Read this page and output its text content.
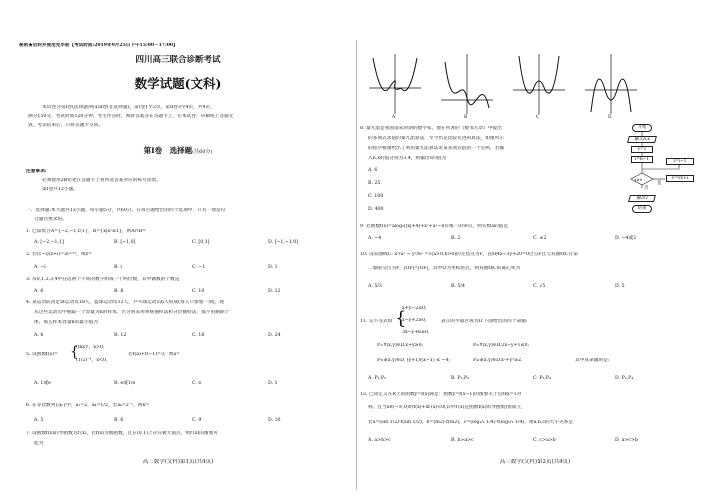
秘密★启封并使用完毕前【考试时间:2019年9月25日下午15:00－17:00】
四川高三联合诊断考试
数学试题(文科)
本试卷分第Ⅰ卷(选择题)和第Ⅱ卷(非选择题)。第Ⅰ卷1至2页，第Ⅱ卷3至4页，共4页，
满分150分，考试时间120分钟。考生作答时，须将答案答在答题卡上，在本试卷、草稿纸上答题无
效。考试结束后，只将答题卡交回。
第Ⅰ卷　选择题(共60分)
注意事项:
必须使用2B铅笔在答题卡上将所选答案对应的标号涂黑。
第Ⅰ卷共12小题。
一、选择题:本大题共12小题，每小题5分，共60分。在每小题给出的四个选项中，只有一项是符
合题目要求的。
1. 已知集合A={−2,−1,0,1}，B={x|x²≤1}，则A∩B=
A. [−2,−1,1]	B. [−1,0]	C. [0,1]	D. [−1,−1,0]
2. 若(1−i)(z+i)=2i²⁰¹⁹，则z=
A. −i	B. i	C. −1	D. 1
3. 从0,1,2,3,4中任选两个不同的数字组成一个两位数，其中偶数的个数是
A. 6	B. 8	C. 10	D. 12
4. 某运动队由足球运动员18人，篮球运动员12人，乒乓球运动员6人组成(每人只参加一项)，现
从这些运动员中抽取一个容量为n的样本，若分别采用系统抽样法和分层抽样法，都不用剔除个
体，那么样本容量n的最小值为
A. 6	B. 12	C. 18	D. 24
5. 设函数f(x)= {
(lnx)¹，x>0，
(1/2)⁻ˣ，x<0，
若f(a)+f(−1)=3，则a=
A. 1或e	B. e或1/e	C. e	D. 1
6. 在等比数列{aₙ}中，a₁=2，a₄=1/2，若aₖ=2⁻⁵，则k=
A. 5	B. 6	C. 9	D. 10
7. 设函数f(x)的导函数为f′(x)，若f(x)为偶函数，且在(0,1)上存在极大值点，则f′(x)的图象可
能为
高三数学(文科)第1页(共4页)
A	B	C	D
8. 秦九韶是我国南宋时期的数学家，他在所著的《数书九章》中提出
的多项式求值的秦九韶算法，至今仍是比较先进的算法，如图所示
的程序框图给出了利用秦九韶算法求某多项式值的一个实例，若输
入n,x的值分别为3,4，则输出v的值为
A. 6
B. 25
C. 100
D. 400
开始
输入n,x
v=1
i=n−1
i≥0	v=vx+i
i=i−1
是
否
输出v
结束
9. 若函数f(x)=alog₂(|x|+4)+x²+a²−8有唯一的零点，则实数a的值是
A. −4	B. 2	C. ±2	D. −4或2
10. 设双曲线C: x²/a² − y²/b² =1(a>0,b>0)的左焦点为F，直线4x−3y+20=0过点F且与双曲线C在第
二象限交点为P，|OP|=|OF|，其中O为坐标原点，则双曲线C的离心率为
A. 5/3	B. 5/4	C. √5	D. 5
11. 记不等式组 {
x+y−2≤0，
x−y+2≥0，
3x−y+6≥0，
表示的平面区域为D.下面给出的四个命题:
P₁:∀(x,y)∈D,x+y≥0;	P₂:∀(x,y)∈D,2x−y+1≤0;
P₃:∃(x,y)∈D, (y+1)/(x−1) ≤ −4;	P₄:∃(x,y)∈D,x²+y²≥2.	其中真命题的是:
A. P₁,P₂	B. P₂,P₃	C. P₂,P₄	D. P₃,P₄
12. 已知定义在R上的函数y=f(x)满足：函数y=f(x−1)的图象关于直线x=1对
称，且当x∈(−∞,0)时f(x)+xf′(x)<0(其中f′(x)是函数f(x)的导函数)恒成立，
若a=(sin 1/2)·f(sin 1/2)，b=(ln2)·f(ln2)，c=(log₁/₂ 1/4)·f(log₁/₂ 1/4)，则a,b,c的大小关系是
A. a>b>c	B. b>a>c	C. c>a>b	D. a>c>b
高三数学(文科)第2页(共4页)
